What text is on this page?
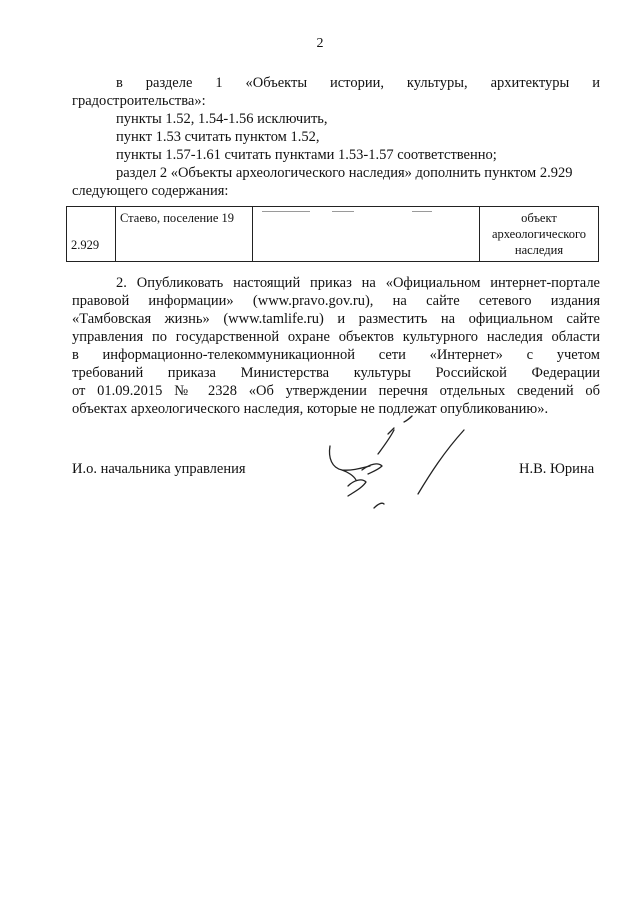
2
в разделе 1 «Объекты истории, культуры, архитектуры и
градостроительства»:
пункты 1.52, 1.54-1.56 исключить,
пункт 1.53 считать пунктом 1.52,
пункты 1.57-1.61 считать пунктами 1.53-1.57 соответственно;
раздел 2 «Объекты археологического наследия» дополнить пунктом 2.929
следующего содержания:
2.929	Стаево, поселение 19		объект
археологического
наследия
2. Опубликовать настоящий приказ на «Официальном интернет-портале
правовой информации» (www.pravo.gov.ru), на сайте сетевого издания
«Тамбовская жизнь» (www.tamlife.ru) и разместить на официальном сайте
управления по государственной охране объектов культурного наследия области
в информационно-телекоммуникационной сети «Интернет» с учетом
требований приказа Министерства культуры Российской Федерации
от 01.09.2015 № 2328 «Об утверждении перечня отдельных сведений об
объектах археологического наследия, которые не подлежат опубликованию».
И.о. начальника управления	Н.В. Юрина
